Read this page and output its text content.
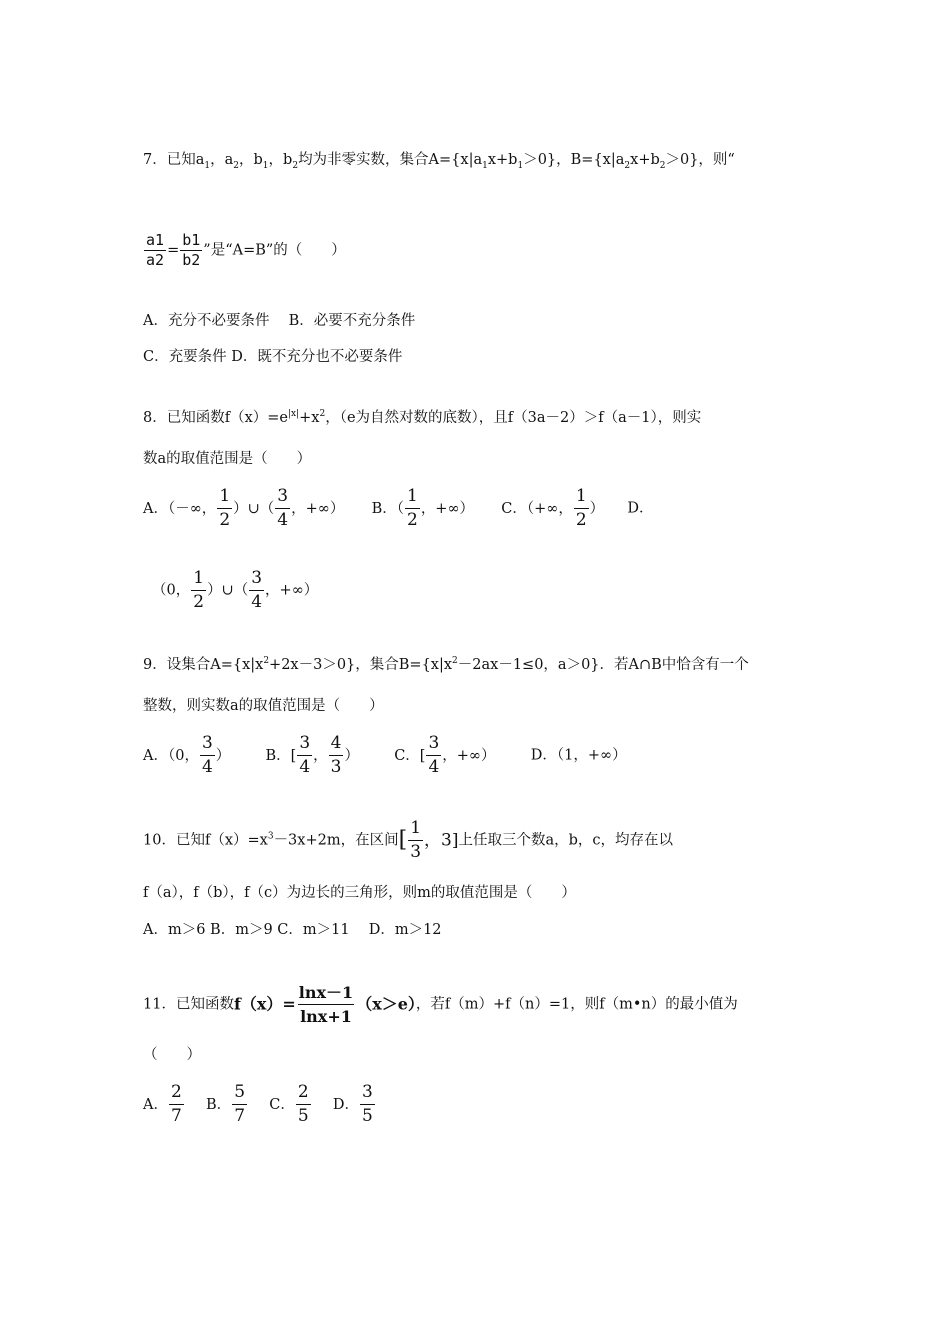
7．已知$a_1$，$a_2$，$b_1$，$b_2$均为非零实数，集合$A=\{x|a_1x+b_1>0\}$，$B=\{x|a_2x+b_2>0\}$，则“
$\frac{a1}{a2} = \frac{b1}{b2}$ ”是“A=B”的（　　）
A．充分不必要条件　 B．必要不充分条件
C．充要条件 D．既不充分也不必要条件
8．已知函数$f(x)=e^{|x|}+x^2$，（e为自然对数的底数），且f（3a－2）＞f（a－1），则实
数a的取值范围是（　　）
A．（－∞， $\frac{1}{2}$ ）∪（ $\frac{3}{4}$ ，+∞） B．（ $\frac{1}{2}$ ，+∞） C．（+∞， $\frac{1}{2}$ ） D．
（0， $\frac{1}{2}$ ）∪（ $\frac{3}{4}$ ，+∞）
9．设集合$A=\{x|x^2+2x-3>0\}$，集合$B=\{x|x^2-2ax-1\le 0$，a＞0}．若A∩B中恰含有一个
整数，则实数a的取值范围是（　　）
A．（0， $\frac{3}{4}$ ） B．[ $\frac{3}{4}$ ， $\frac{4}{3}$ ） C．[ $\frac{3}{4}$ ，+∞） D．（1，+∞）
10．已知$f(x)=x^3-3x+2m$，在区间[ $\frac{1}{3}$ ，3]上任取三个数a，b，c，均存在以
f（a），f（b），f（c）为边长的三角形，则m的取值范围是（　　）
A．m＞6 B．m＞9 C．m＞11　 D．m＞12
11．已知函数$f(x)= \frac{\ln x-1}{\ln x+1} (x>e)$，若f（m）+f（n）=1，则f（m•n）的最小值为
（　　）
A． $\frac{2}{7}$ B． $\frac{5}{7}$ C． $\frac{2}{5}$ D． $\frac{3}{5}$
